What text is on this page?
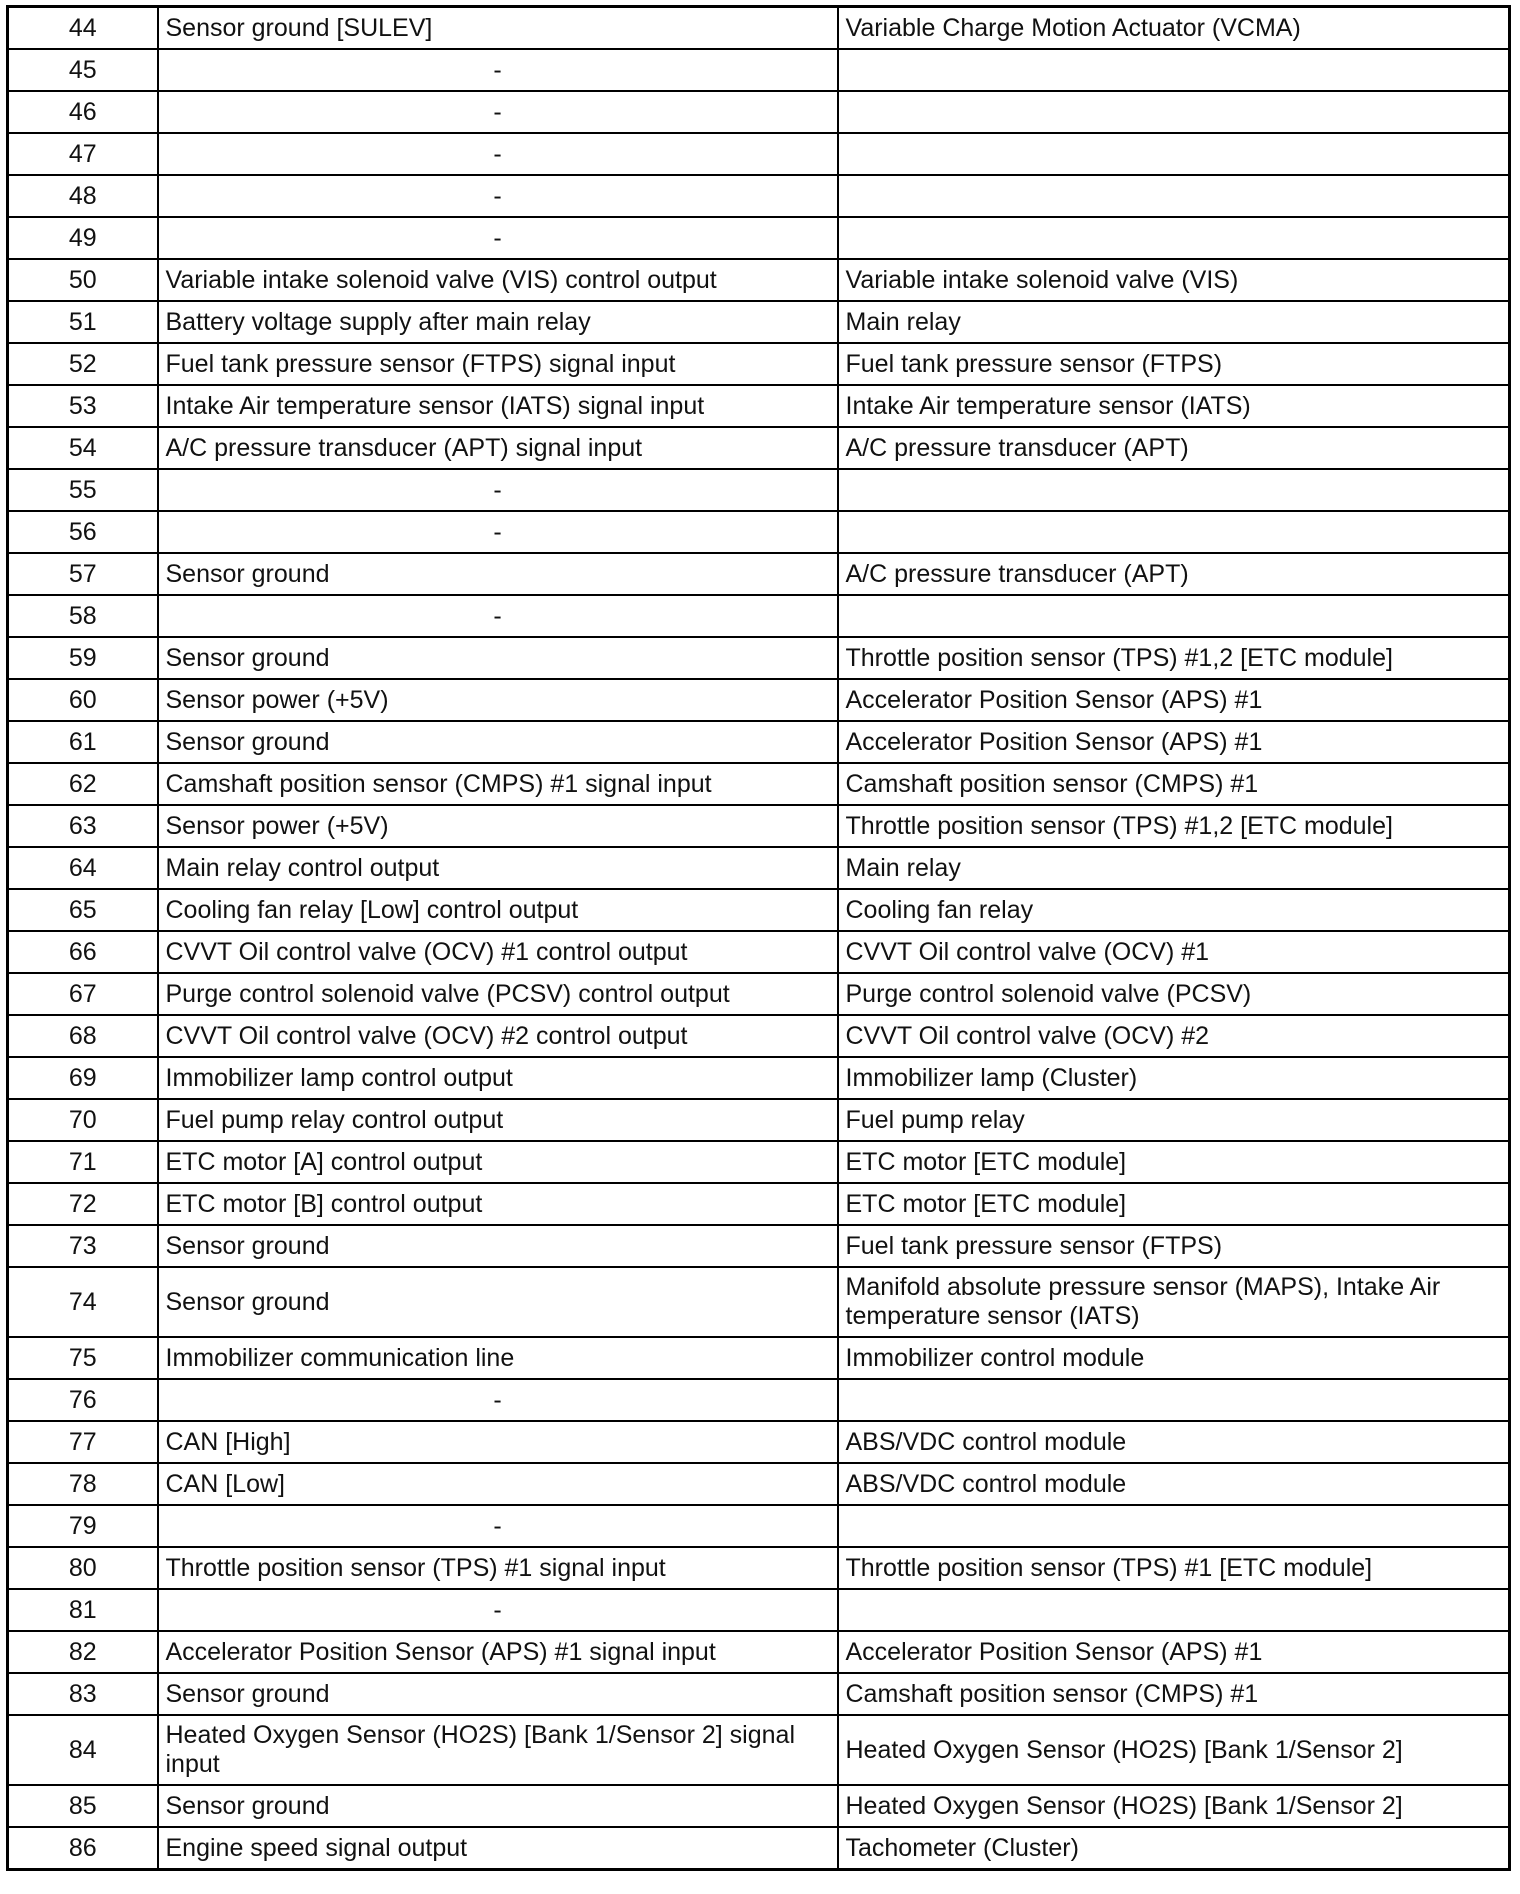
44	Sensor ground [SULEV]	Variable Charge Motion Actuator (VCMA)
45	-	
46	-	
47	-	
48	-	
49	-	
50	Variable intake solenoid valve (VIS) control output	Variable intake solenoid valve (VIS)
51	Battery voltage supply after main relay	Main relay
52	Fuel tank pressure sensor (FTPS) signal input	Fuel tank pressure sensor (FTPS)
53	Intake Air temperature sensor (IATS) signal input	Intake Air temperature sensor (IATS)
54	A/C pressure transducer (APT) signal input	A/C pressure transducer (APT)
55	-	
56	-	
57	Sensor ground	A/C pressure transducer (APT)
58	-	
59	Sensor ground	Throttle position sensor (TPS) #1,2 [ETC module]
60	Sensor power (+5V)	Accelerator Position Sensor (APS) #1
61	Sensor ground	Accelerator Position Sensor (APS) #1
62	Camshaft position sensor (CMPS) #1 signal input	Camshaft position sensor (CMPS) #1
63	Sensor power (+5V)	Throttle position sensor (TPS) #1,2 [ETC module]
64	Main relay control output	Main relay
65	Cooling fan relay [Low] control output	Cooling fan relay
66	CVVT Oil control valve (OCV) #1 control output	CVVT Oil control valve (OCV) #1
67	Purge control solenoid valve (PCSV) control output	Purge control solenoid valve (PCSV)
68	CVVT Oil control valve (OCV) #2 control output	CVVT Oil control valve (OCV) #2
69	Immobilizer lamp control output	Immobilizer lamp (Cluster)
70	Fuel pump relay control output	Fuel pump relay
71	ETC motor [A] control output	ETC motor [ETC module]
72	ETC motor [B] control output	ETC motor [ETC module]
73	Sensor ground	Fuel tank pressure sensor (FTPS)
74	Sensor ground	Manifold absolute pressure sensor (MAPS), Intake Air temperature sensor (IATS)
75	Immobilizer communication line	Immobilizer control module
76	-	
77	CAN [High]	ABS/VDC control module
78	CAN [Low]	ABS/VDC control module
79	-	
80	Throttle position sensor (TPS) #1 signal input	Throttle position sensor (TPS) #1 [ETC module]
81	-	
82	Accelerator Position Sensor (APS) #1 signal input	Accelerator Position Sensor (APS) #1
83	Sensor ground	Camshaft position sensor (CMPS) #1
84	Heated Oxygen Sensor (HO2S) [Bank 1/Sensor 2] signal input	Heated Oxygen Sensor (HO2S) [Bank 1/Sensor 2]
85	Sensor ground	Heated Oxygen Sensor (HO2S) [Bank 1/Sensor 2]
86	Engine speed signal output	Tachometer (Cluster)
